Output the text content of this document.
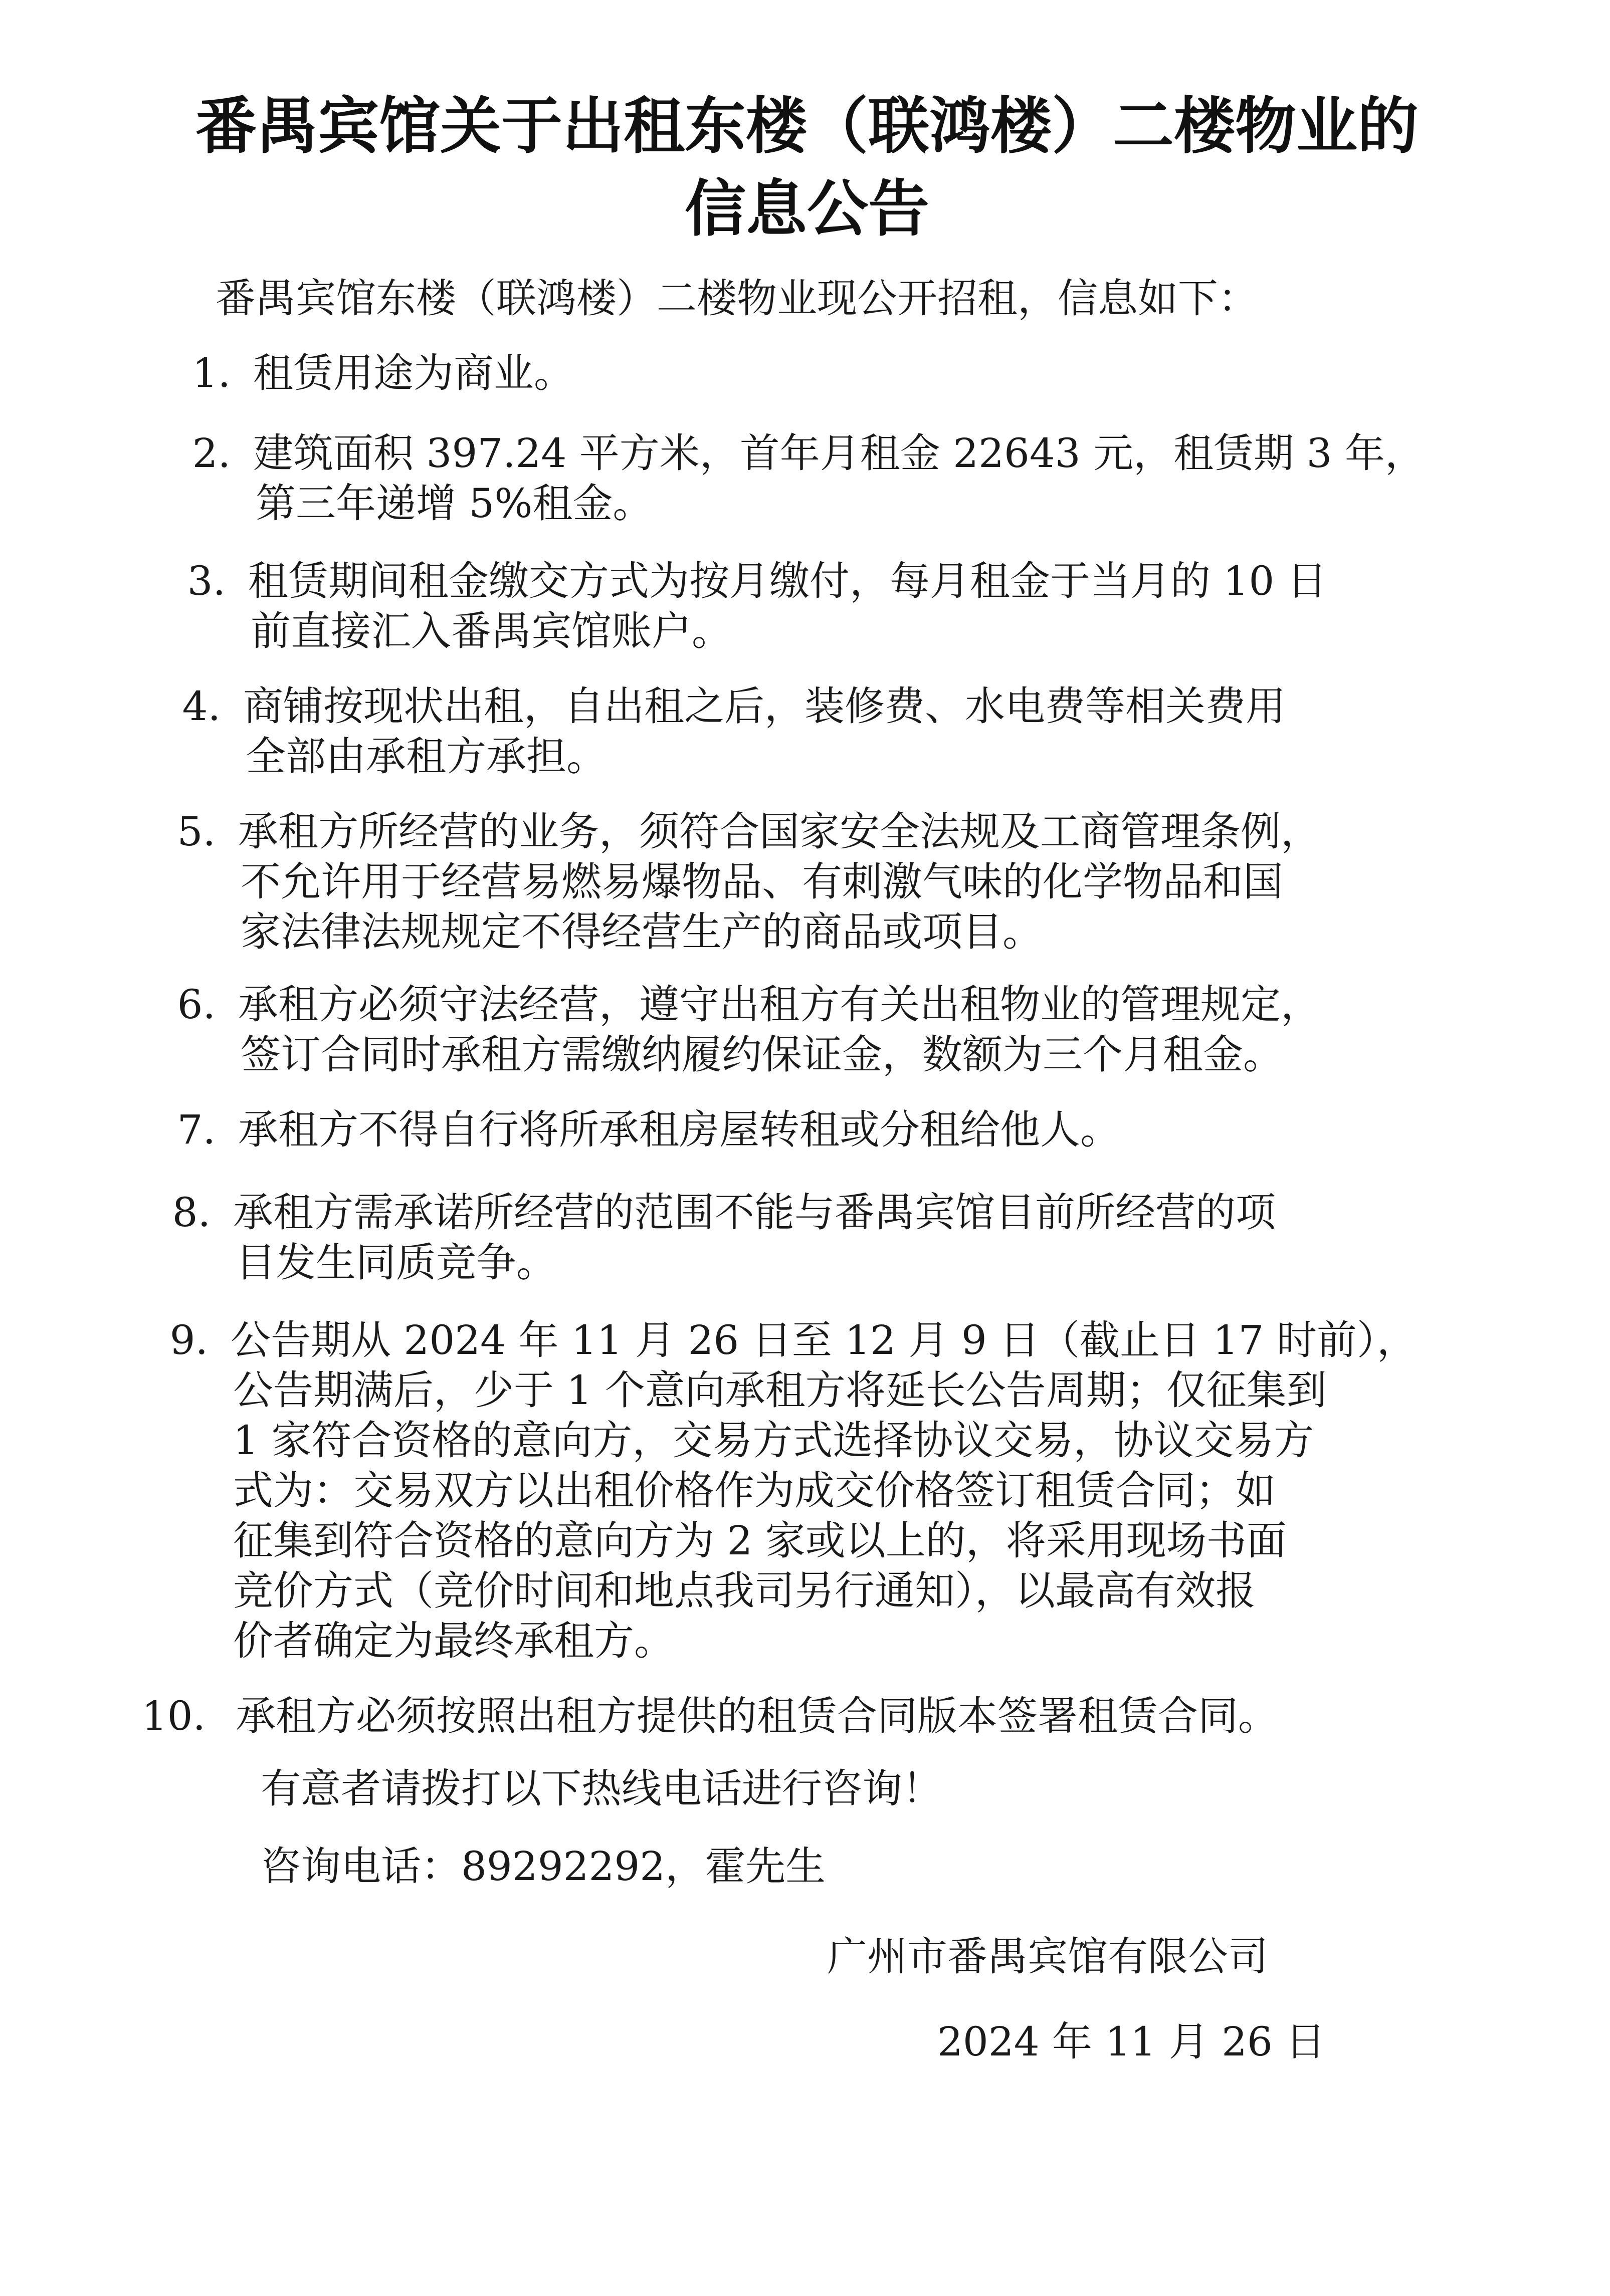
番禺宾馆关于出租东楼（联鸿楼）二楼物业的
信息公告
番禺宾馆东楼（联鸿楼）二楼物业现公开招租，信息如下：
1. 租赁用途为商业。
2. 建筑面积 397.24 平方米，首年月租金 22643 元，租赁期 3 年，
第三年递增 5%租金。
3. 租赁期间租金缴交方式为按月缴付，每月租金于当月的 10 日
前直接汇入番禺宾馆账户。
4. 商铺按现状出租，自出租之后，装修费、水电费等相关费用
全部由承租方承担。
5. 承租方所经营的业务，须符合国家安全法规及工商管理条例，
不允许用于经营易燃易爆物品、有刺激气味的化学物品和国
家法律法规规定不得经营生产的商品或项目。
6. 承租方必须守法经营，遵守出租方有关出租物业的管理规定，
签订合同时承租方需缴纳履约保证金，数额为三个月租金。
7. 承租方不得自行将所承租房屋转租或分租给他人。
8. 承租方需承诺所经营的范围不能与番禺宾馆目前所经营的项
目发生同质竞争。
9. 公告期从 2024 年 11 月 26 日至 12 月 9 日（截止日 17 时前），
公告期满后，少于 1 个意向承租方将延长公告周期；仅征集到
1 家符合资格的意向方，交易方式选择协议交易，协议交易方
式为：交易双方以出租价格作为成交价格签订租赁合同；如
征集到符合资格的意向方为 2 家或以上的，将采用现场书面
竞价方式（竞价时间和地点我司另行通知），以最高有效报
价者确定为最终承租方。
10. 承租方必须按照出租方提供的租赁合同版本签署租赁合同。
有意者请拨打以下热线电话进行咨询！
咨询电话：89292292，霍先生
广州市番禺宾馆有限公司
2024 年 11 月 26 日
